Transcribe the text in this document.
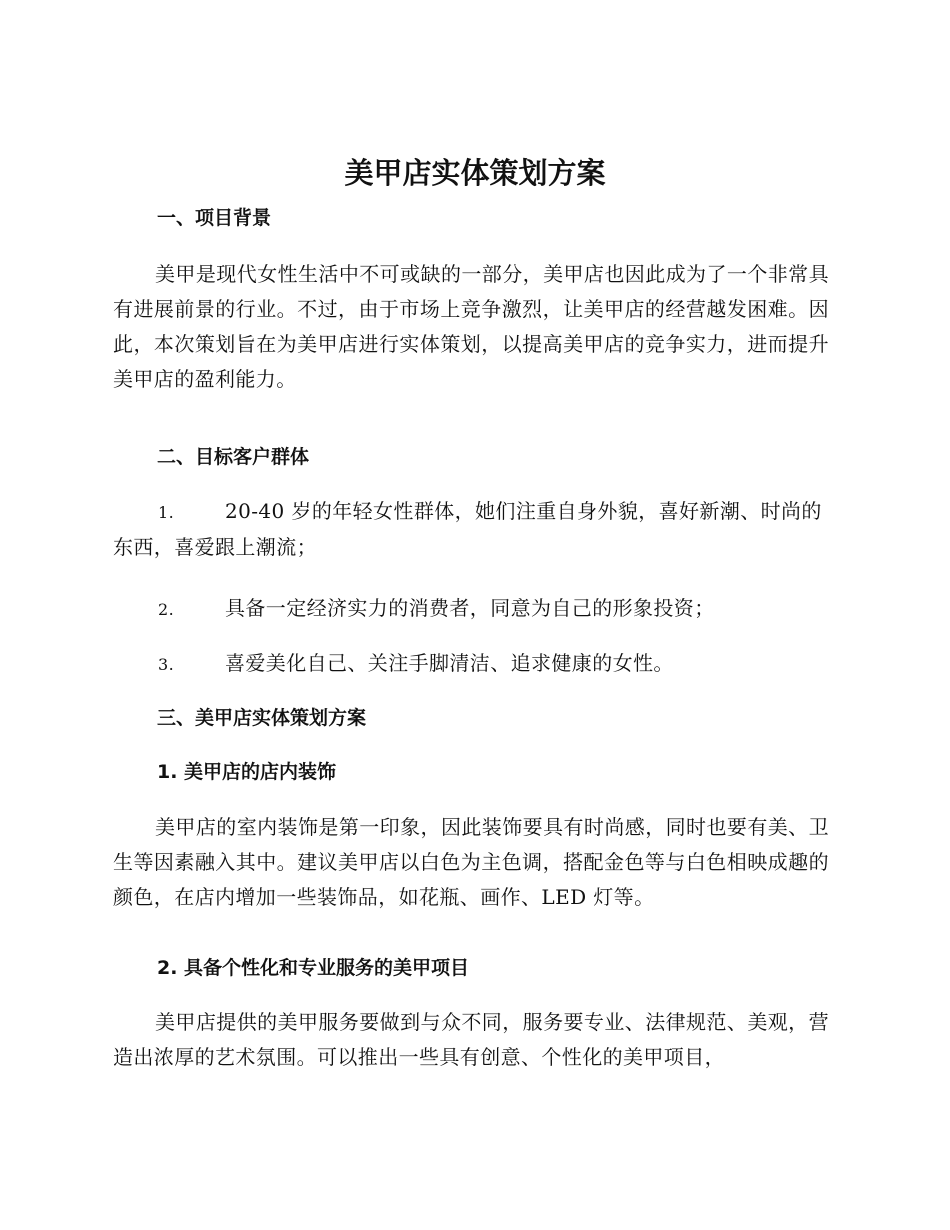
美甲店实体策划方案
一、项目背景

美甲是现代女性生活中不可或缺的一部分，美甲店也因此成为了一个非常具有进展前景的行业。不过，由于市场上竞争激烈，让美甲店的经营越发困难。因此，本次策划旨在为美甲店进行实体策划，以提高美甲店的竞争实力，进而提升美甲店的盈利能力。

二、目标客户群体

1.	20-40 岁的年轻女性群体，她们注重自身外貌，喜好新潮、时尚的东西，喜爱跟上潮流；

2.	具备一定经济实力的消费者，同意为自己的形象投资；

3.	喜爱美化自己、关注手脚清洁、追求健康的女性。

三、美甲店实体策划方案
1. 美甲店的店内装饰

美甲店的室内装饰是第一印象，因此装饰要具有时尚感，同时也要有美、卫生等因素融入其中。建议美甲店以白色为主色调，搭配金色等与白色相映成趣的颜色，在店内增加一些装饰品，如花瓶、画作、LED 灯等。

2. 具备个性化和专业服务的美甲项目

美甲店提供的美甲服务要做到与众不同，服务要专业、法律规范、美观，营造出浓厚的艺术氛围。可以推出一些具有创意、个性化的美甲项目，
